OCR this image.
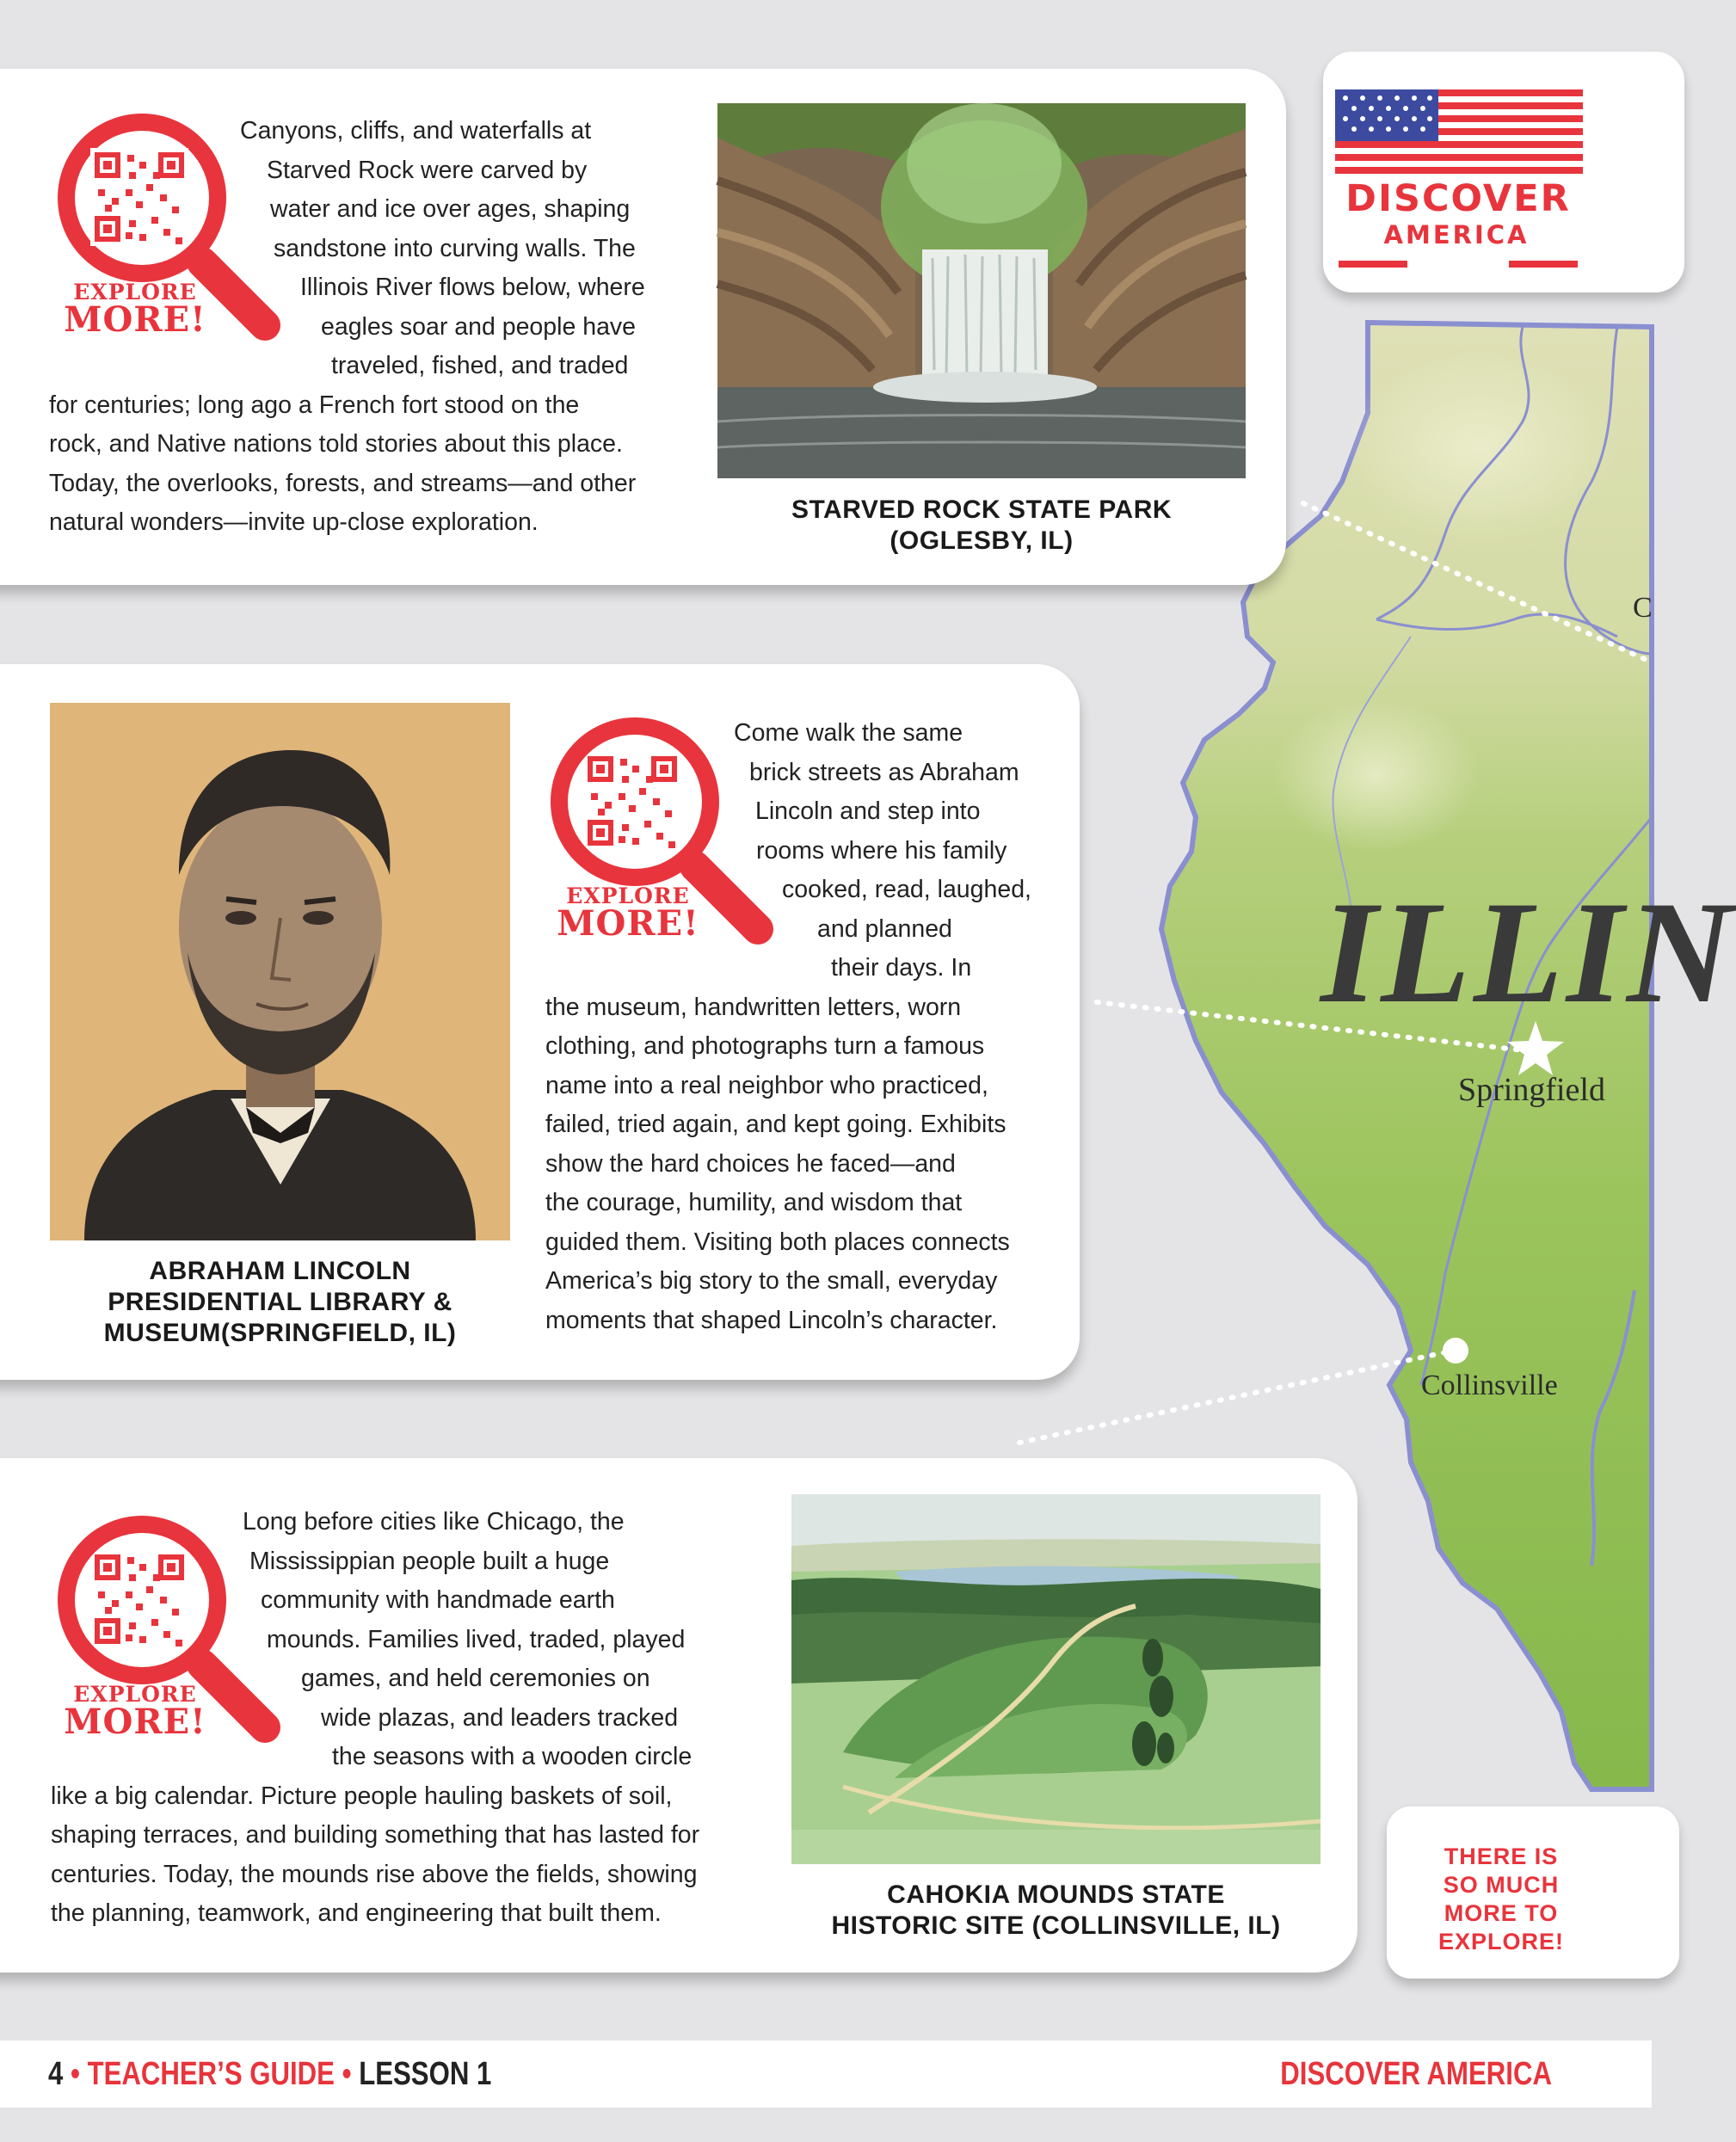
ILLIN
Springfield
Collinsville
C
DISCOVER
AMERICA
EXPLORE
MORE!
Canyons, cliffs, and waterfalls at
Starved Rock were carved by
water and ice over ages, shaping
sandstone into curving walls. The
Illinois River flows below, where
eagles soar and people have
traveled, fished, and traded
for centuries; long ago a French fort stood on the
rock, and Native nations told stories about this place.
Today, the overlooks, forests, and streams—and other
natural wonders—invite up-close exploration.	STARVED ROCK STATE PARK
(OGLESBY, IL)
ABRAHAM LINCOLN
PRESIDENTIAL LIBRARY &
MUSEUM(SPRINGFIELD, IL)
EXPLORE
MORE!
Come walk the same
brick streets as Abraham
Lincoln and step into
rooms where his family
cooked, read, laughed,
and planned
their days. In
the museum, handwritten letters, worn
clothing, and photographs turn a famous
name into a real neighbor who practiced,
failed, tried again, and kept going. Exhibits
show the hard choices he faced—and
the courage, humility, and wisdom that
guided them. Visiting both places connects
America’s big story to the small, everyday
moments that shaped Lincoln’s character.
EXPLORE
MORE!
Long before cities like Chicago, the
Mississippian people built a huge
community with handmade earth
mounds. Families lived, traded, played
games, and held ceremonies on
wide plazas, and leaders tracked
the seasons with a wooden circle
like a big calendar. Picture people hauling baskets of soil,
shaping terraces, and building something that has lasted for
centuries. Today, the mounds rise above the fields, showing
the planning, teamwork, and engineering that built them.
CAHOKIA MOUNDS STATE
HISTORIC SITE (COLLINSVILLE, IL)
THERE IS
SO MUCH
MORE TO
EXPLORE!
4 • TEACHER’S GUIDE • LESSON 1	DISCOVER AMERICA
